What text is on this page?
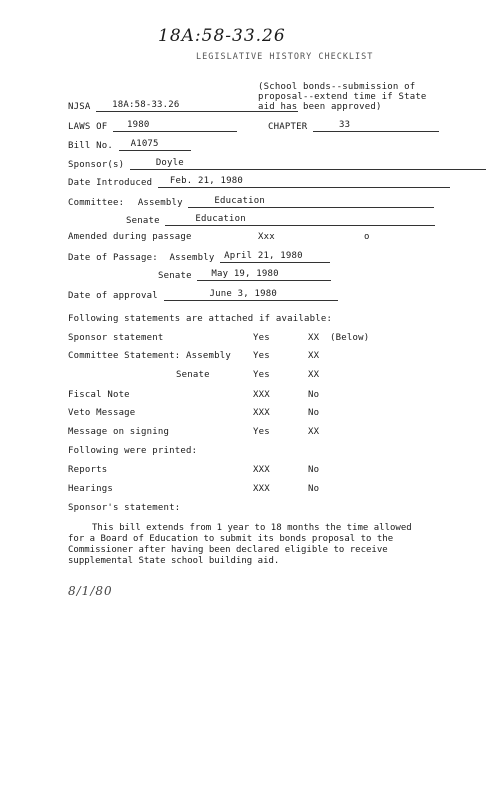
18A:58-33.26
LEGISLATIVE HISTORY CHECKLIST
(School bonds--submission of
proposal--extend time if State
aid has been approved)
NJSA 18A:58-33.26
LAWS OF 1980	CHAPTER	33
Bill No. A1075
Sponsor(s)	Doyle
Date Introduced Feb. 21, 1980
Committee: Assembly	Education
Senate	Education
Amended during passage	Xxx	o
Date of Passage: Assembly April 21, 1980
Senate May 19, 1980
Date of approval	June 3, 1980
Following statements are attached if available:
Sponsor statement	Yes	XX (Below)
Committee Statement: Assembly Yes	XX
Senate	Yes	XX
Fiscal Note	XXX	No
Veto Message	XXX	No
Message on signing	Yes	XX
Following were printed:
Reports	XXX	No
Hearings	XXX	No
Sponsor's statement:
This bill extends from 1 year to 18 months the time allowed for a Board of Education to submit its bonds proposal to the Commissioner after having been declared eligible to receive supplemental State school building aid.
8/1/80
